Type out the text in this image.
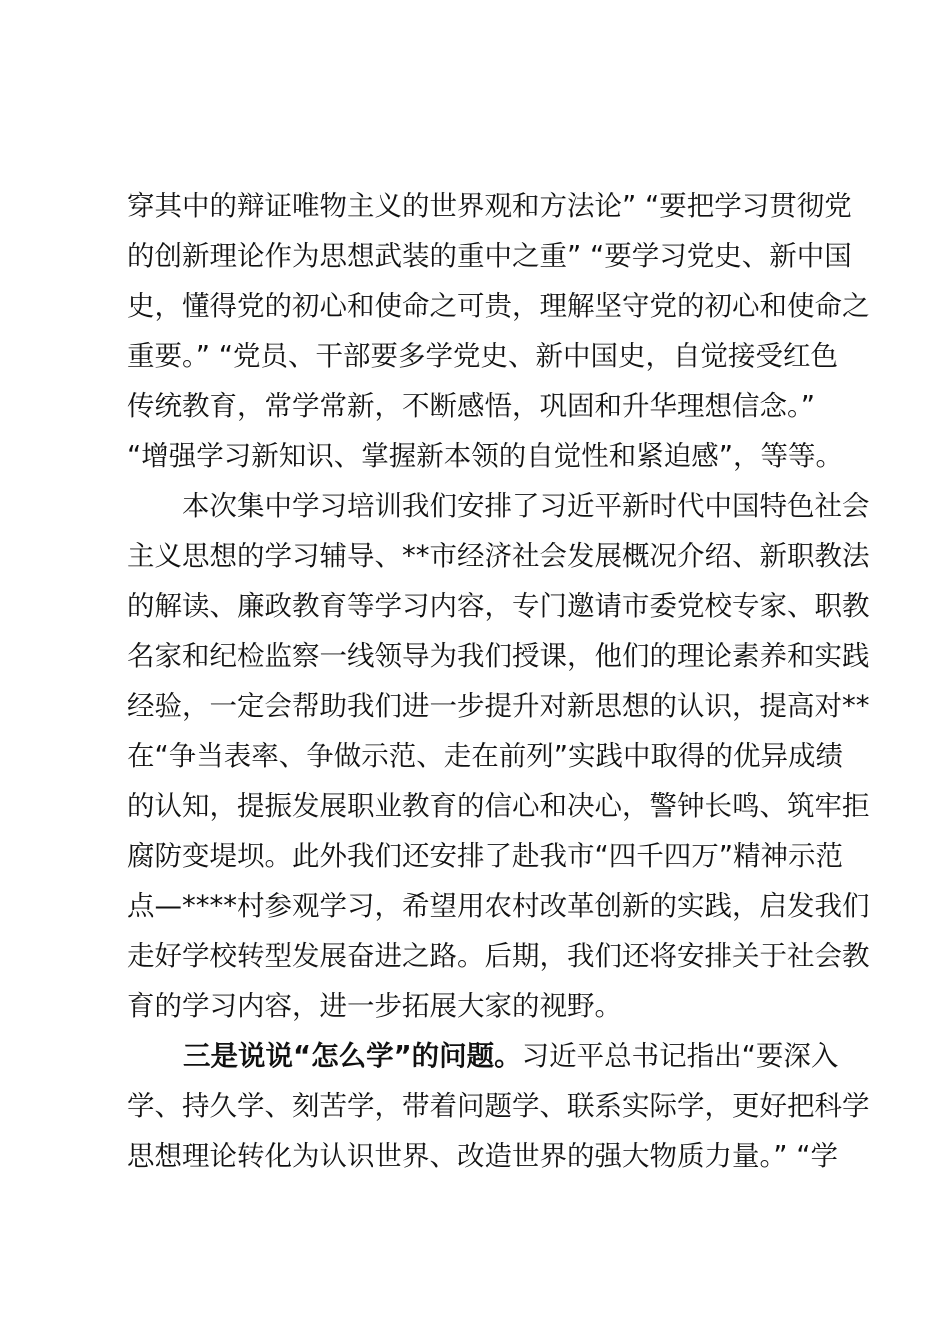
穿其中的辩证唯物主义的世界观和方法论” “要把学习贯彻党
的创新理论作为思想武装的重中之重” “要学习党史、新中国
史，懂得党的初心和使命之可贵，理解坚守党的初心和使命之
重要。” “党员、干部要多学党史、新中国史，自觉接受红色
传统教育，常学常新，不断感悟，巩固和升华理想信念。”
“增强学习新知识、掌握新本领的自觉性和紧迫感”，等等。
　　本次集中学习培训我们安排了习近平新时代中国特色社会
主义思想的学习辅导、**市经济社会发展概况介绍、新职教法
的解读、廉政教育等学习内容，专门邀请市委党校专家、职教
名家和纪检监察一线领导为我们授课，他们的理论素养和实践
经验，一定会帮助我们进一步提升对新思想的认识，提高对**
在“争当表率、争做示范、走在前列”实践中取得的优异成绩
的认知，提振发展职业教育的信心和决心，警钟长鸣、筑牢拒
腐防变堤坝。此外我们还安排了赴我市“四千四万”精神示范
点—****村参观学习，希望用农村改革创新的实践，启发我们
走好学校转型发展奋进之路。后期，我们还将安排关于社会教
育的学习内容，进一步拓展大家的视野。
三是说说“怎么学”的问题。习近平总书记指出“要深入
学、持久学、刻苦学，带着问题学、联系实际学，更好把科学
思想理论转化为认识世界、改造世界的强大物质力量。” “学
